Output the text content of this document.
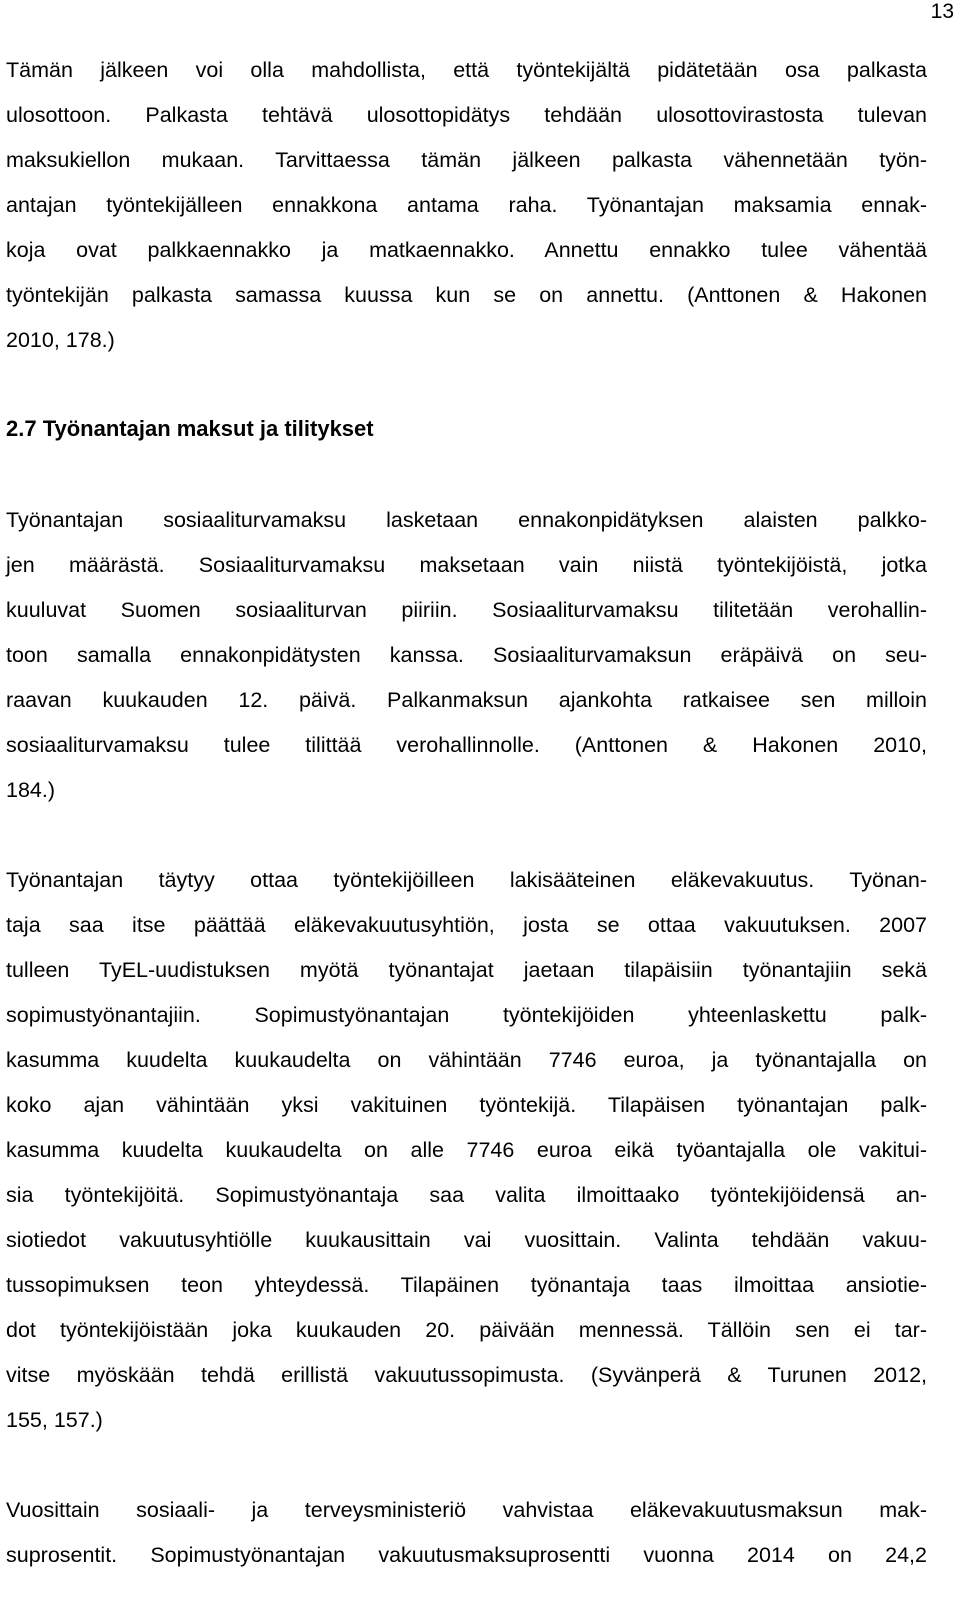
13
Tämän jälkeen voi olla mahdollista, että työntekijältä pidätetään osa palkasta
ulosottoon. Palkasta tehtävä ulosottopidätys tehdään ulosottovirastosta tulevan
maksukiellon mukaan. Tarvittaessa tämän jälkeen palkasta vähennetään työn-
antajan työntekijälleen ennakkona antama raha. Työnantajan maksamia ennak-
koja ovat palkkaennakko ja matkaennakko. Annettu ennakko tulee vähentää
työntekijän palkasta samassa kuussa kun se on annettu. (Anttonen & Hakonen
2010, 178.)
2.7 Työnantajan maksut ja tilitykset
Työnantajan sosiaaliturvamaksu lasketaan ennakonpidätyksen alaisten palkko-
jen määrästä. Sosiaaliturvamaksu maksetaan vain niistä työntekijöistä, jotka
kuuluvat Suomen sosiaaliturvan piiriin. Sosiaaliturvamaksu tilitetään verohallin-
toon samalla ennakonpidätysten kanssa. Sosiaaliturvamaksun eräpäivä on seu-
raavan kuukauden 12. päivä. Palkanmaksun ajankohta ratkaisee sen milloin
sosiaaliturvamaksu tulee tilittää verohallinnolle. (Anttonen & Hakonen 2010,
184.)
Työnantajan täytyy ottaa työntekijöilleen lakisääteinen eläkevakuutus. Työnan-
taja saa itse päättää eläkevakuutusyhtiön, josta se ottaa vakuutuksen. 2007
tulleen TyEL-uudistuksen myötä työnantajat jaetaan tilapäisiin työnantajiin sekä
sopimustyönantajiin. Sopimustyönantajan työntekijöiden yhteenlaskettu palk-
kasumma kuudelta kuukaudelta on vähintään 7746 euroa, ja työnantajalla on
koko ajan vähintään yksi vakituinen työntekijä. Tilapäisen työnantajan palk-
kasumma kuudelta kuukaudelta on alle 7746 euroa eikä työantajalla ole vakitui-
sia työntekijöitä. Sopimustyönantaja saa valita ilmoittaako työntekijöidensä an-
siotiedot vakuutusyhtiölle kuukausittain vai vuosittain. Valinta tehdään vakuu-
tussopimuksen teon yhteydessä. Tilapäinen työnantaja taas ilmoittaa ansiotie-
dot työntekijöistään joka kuukauden 20. päivään mennessä. Tällöin sen ei tar-
vitse myöskään tehdä erillistä vakuutussopimusta. (Syvänperä & Turunen 2012,
155, 157.)
Vuosittain sosiaali- ja terveysministeriö vahvistaa eläkevakuutusmaksun mak-
suprosentit. Sopimustyönantajan vakuutusmaksuprosentti vuonna 2014 on 24,2
